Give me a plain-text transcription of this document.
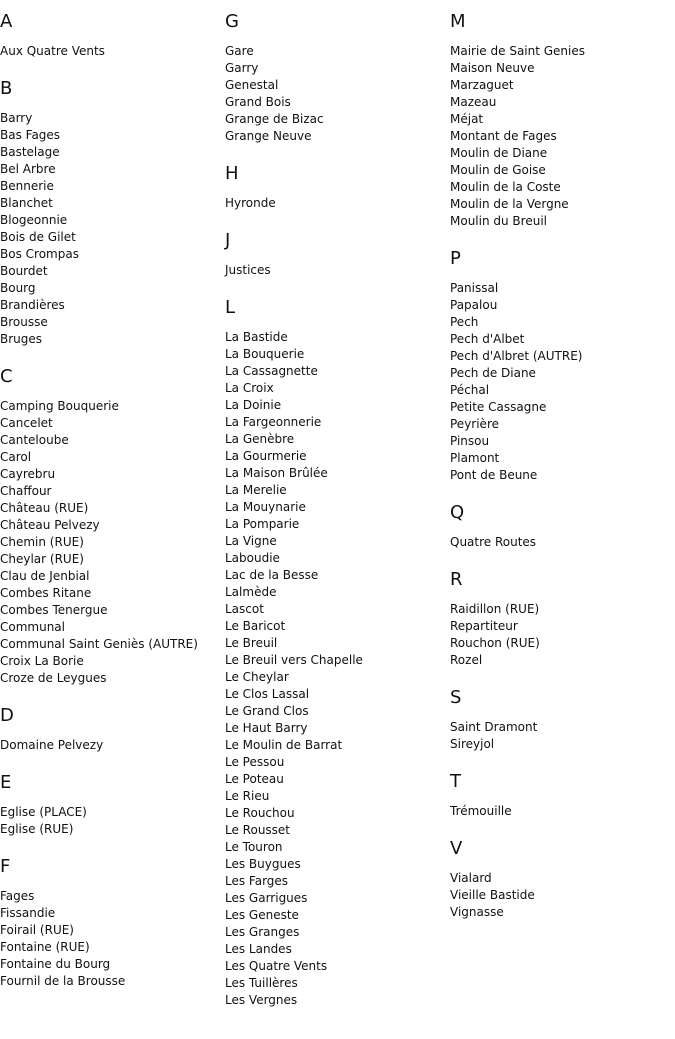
A
Aux Quatre Vents
B
Barry
Bas Fages
Bastelage
Bel Arbre
Bennerie
Blanchet
Blogeonnie
Bois de Gilet
Bos Crompas
Bourdet
Bourg
Brandières
Brousse
Bruges
C
Camping Bouquerie
Cancelet
Canteloube
Carol
Cayrebru
Chaffour
Château (RUE)
Château Pelvezy
Chemin (RUE)
Cheylar (RUE)
Clau de Jenbial
Combes Ritane
Combes Tenergue
Communal
Communal Saint Geniès (AUTRE)
Croix La Borie
Croze de Leygues
D
Domaine Pelvezy
E
Eglise (PLACE)
Eglise (RUE)
F
Fages
Fissandie
Foirail (RUE)
Fontaine (RUE)
Fontaine du Bourg
Fournil de la Brousse
G
Gare
Garry
Genestal
Grand Bois
Grange de Bizac
Grange Neuve
H
Hyronde
J
Justices
L
La Bastide
La Bouquerie
La Cassagnette
La Croix
La Doinie
La Fargeonnerie
La Genèbre
La Gourmerie
La Maison Brûlée
La Merelie
La Mouynarie
La Pomparie
La Vigne
Laboudie
Lac de la Besse
Lalmède
Lascot
Le Baricot
Le Breuil
Le Breuil vers Chapelle
Le Cheylar
Le Clos Lassal
Le Grand Clos
Le Haut Barry
Le Moulin de Barrat
Le Pessou
Le Poteau
Le Rieu
Le Rouchou
Le Rousset
Le Touron
Les Buygues
Les Farges
Les Garrigues
Les Geneste
Les Granges
Les Landes
Les Quatre Vents
Les Tuillères
Les Vergnes
M
Mairie de Saint Genies
Maison Neuve
Marzaguet
Mazeau
Méjat
Montant de Fages
Moulin de Diane
Moulin de Goise
Moulin de la Coste
Moulin de la Vergne
Moulin du Breuil
P
Panissal
Papalou
Pech
Pech d'Albet
Pech d'Albret (AUTRE)
Pech de Diane
Péchal
Petite Cassagne
Peyrière
Pinsou
Plamont
Pont de Beune
Q
Quatre Routes
R
Raidillon (RUE)
Repartiteur
Rouchon (RUE)
Rozel
S
Saint Dramont
Sireyjol
T
Trémouille
V
Vialard
Vieille Bastide
Vignasse
